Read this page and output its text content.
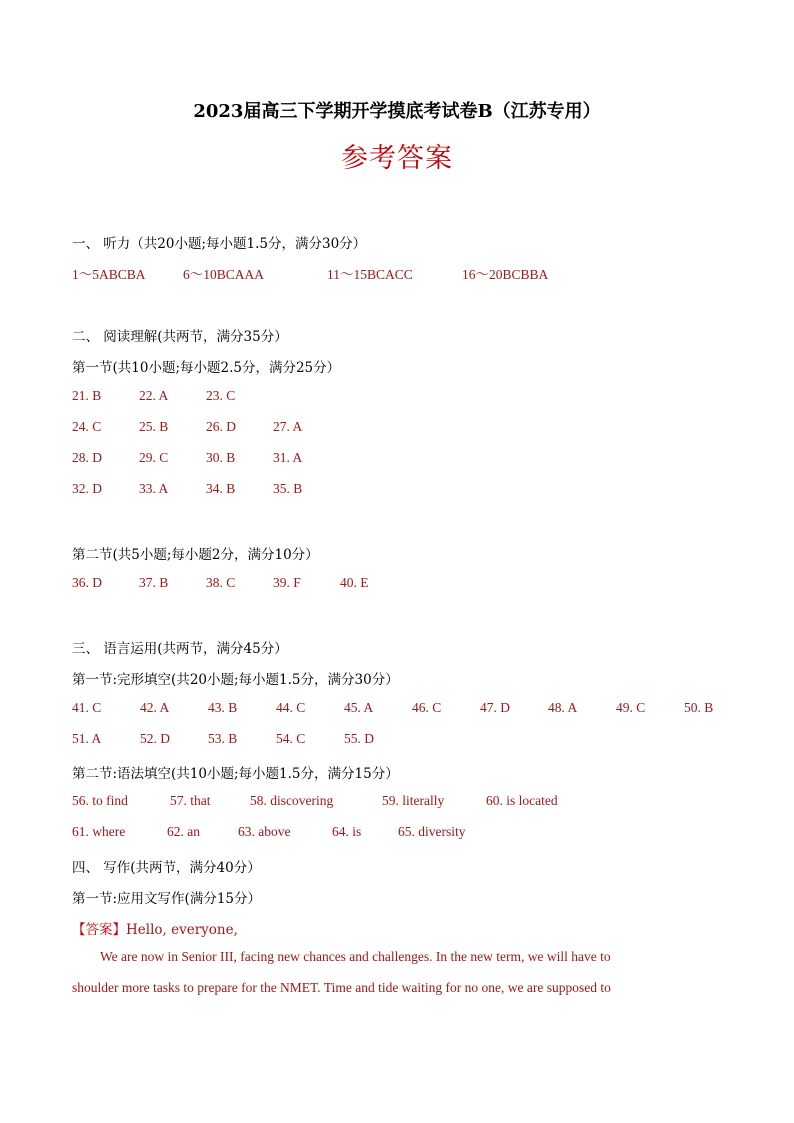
2023届高三下学期开学摸底考试卷B（江苏专用）
参考答案
一、 听力（共20小题;每小题1.5分，满分30分）
1～5ABCBA	6～10BCAAA	11～15BCACC	16～20BCBBA
二、 阅读理解(共两节，满分35分）
第一节(共10小题;每小题2.5分，满分25分）
21. B	22. A	23. C
24. C	25. B	26. D	27. A
28. D	29. C	30. B	31. A
32. D	33. A	34. B	35. B
第二节(共5小题;每小题2分，满分10分）
36. D	37. B	38. C	39. F	40. E
三、 语言运用(共两节，满分45分）
第一节:完形填空(共20小题;每小题1.5分，满分30分）
41. C	42. A	43. B	44. C	45. A	46. C	47. D	48. A	49. C	50. B
51. A	52. D	53. B	54. C	55. D
第二节:语法填空(共10小题;每小题1.5分，满分15分）
56. to find	57. that	58. discovering	59. literally	60. is located
61. where	62. an	63. above	64. is	65. diversity
四、 写作(共两节，满分40分）
第一节:应用文写作(满分15分）
【答案】Hello, everyone,
We are now in Senior III, facing new chances and challenges. In the new term, we will have to
shoulder more tasks to prepare for the NMET. Time and tide waiting for no one, we are supposed to
